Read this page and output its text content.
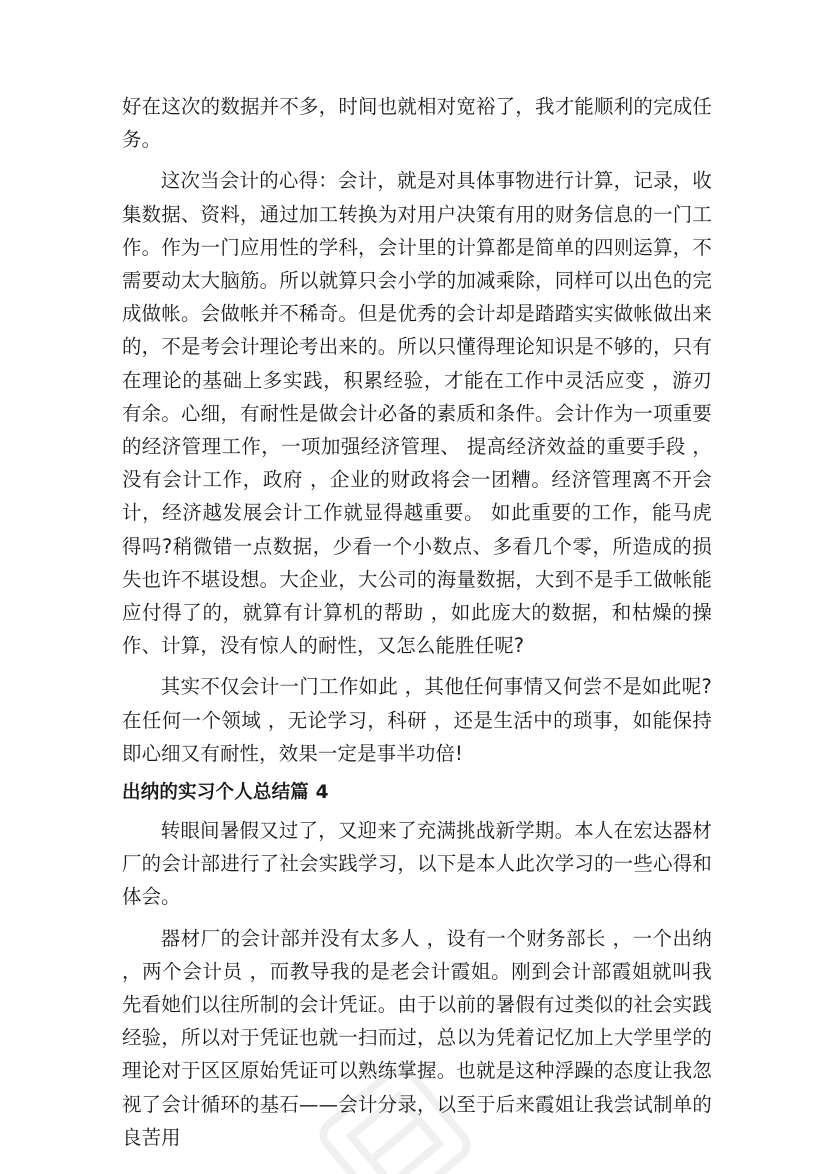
好在这次的数据并不多，时间也就相对宽裕了，我才能顺利的完成任务。

这次当会计的心得：会计，就是对具体事物进行计算，记录，收集数据、资料，通过加工转换为对用户决策有用的财务信息的一门工作。作为一门应用性的学科，会计里的计算都是简单的四则运算，不需要动太大脑筋。所以就算只会小学的加减乘除，同样可以出色的完成做帐。会做帐并不稀奇。但是优秀的会计却是踏踏实实做帐做出来的，不是考会计理论考出来的。所以只懂得理论知识是不够的，只有在理论的基础上多实践，积累经验，才能在工作中灵活应变 ，游刃有余。心细，有耐性是做会计必备的素质和条件。会计作为一项重要的经济管理工作，一项加强经济管理、 提高经济效益的重要手段 ，没有会计工作，政府 ，企业的财政将会一团糟。经济管理离不开会计，经济越发展会计工作就显得越重要。 如此重要的工作，能马虎得吗?稍微错一点数据，少看一个小数点、多看几个零，所造成的损失也许不堪设想。大企业，大公司的海量数据，大到不是手工做帐能应付得了的，就算有计算机的帮助 ，如此庞大的数据，和枯燥的操作、计算，没有惊人的耐性，又怎么能胜任呢?

其实不仅会计一门工作如此 ，其他任何事情又何尝不是如此呢?在任何一个领域 ，无论学习，科研 ，还是生活中的琐事，如能保持即心细又有耐性，效果一定是事半功倍!

出纳的实习个人总结篇 4

转眼间暑假又过了，又迎来了充满挑战新学期。本人在宏达器材厂的会计部进行了社会实践学习，以下是本人此次学习的一些心得和体会。

器材厂的会计部并没有太多人 ，设有一个财务部长 ，一个出纳 ，两个会计员 ，而教导我的是老会计霞姐。刚到会计部霞姐就叫我先看她们以往所制的会计凭证。由于以前的暑假有过类似的社会实践经验，所以对于凭证也就一扫而过，总以为凭着记忆加上大学里学的理论对于区区原始凭证可以熟练掌握。也就是这种浮躁的态度让我忽视了会计循环的基石——会计分录，以至于后来霞姐让我尝试制单的良苦用
